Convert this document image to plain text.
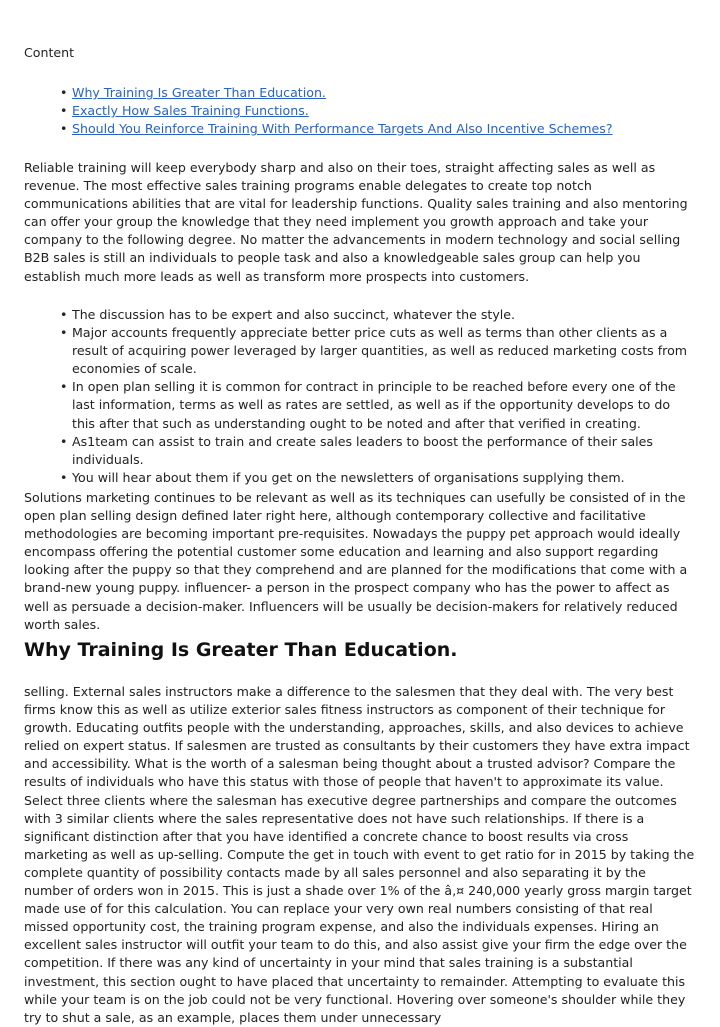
Content

• Why Training Is Greater Than Education.
• Exactly How Sales Training Functions.
• Should You Reinforce Training With Performance Targets And Also Incentive Schemes?

Reliable training will keep everybody sharp and also on their toes, straight affecting sales as well as revenue. The most effective sales training programs enable delegates to create top notch communications abilities that are vital for leadership functions. Quality sales training and also mentoring can offer your group the knowledge that they need implement you growth approach and take your company to the following degree. No matter the advancements in modern technology and social selling B2B sales is still an individuals to people task and also a knowledgeable sales group can help you establish much more leads as well as transform more prospects into customers.

• The discussion has to be expert and also succinct, whatever the style.
• Major accounts frequently appreciate better price cuts as well as terms than other clients as a result of acquiring power leveraged by larger quantities, as well as reduced marketing costs from economies of scale.
• In open plan selling it is common for contract in principle to be reached before every one of the last information, terms as well as rates are settled, as well as if the opportunity develops to do this after that such as understanding ought to be noted and after that verified in creating.
• As1team can assist to train and create sales leaders to boost the performance of their sales individuals.
• You will hear about them if you get on the newsletters of organisations supplying them.

Solutions marketing continues to be relevant as well as its techniques can usefully be consisted of in the open plan selling design defined later right here, although contemporary collective and facilitative methodologies are becoming important pre-requisites. Nowadays the puppy pet approach would ideally encompass offering the potential customer some education and learning and also support regarding looking after the puppy so that they comprehend and are planned for the modifications that come with a brand-new young puppy. influencer- a person in the prospect company who has the power to affect as well as persuade a decision-maker. Influencers will be usually be decision-makers for relatively reduced worth sales.

Why Training Is Greater Than Education.

selling. External sales instructors make a difference to the salesmen that they deal with. The very best firms know this as well as utilize exterior sales fitness instructors as component of their technique for growth. Educating outfits people with the understanding, approaches, skills, and also devices to achieve relied on expert status. If salesmen are trusted as consultants by their customers they have extra impact and accessibility. What is the worth of a salesman being thought about a trusted advisor? Compare the results of individuals who have this status with those of people that haven't to approximate its value. Select three clients where the salesman has executive degree partnerships and compare the outcomes with 3 similar clients where the sales representative does not have such relationships. If there is a significant distinction after that you have identified a concrete chance to boost results via cross marketing as well as up-selling. Compute the get in touch with event to get ratio for in 2015 by taking the complete quantity of possibility contacts made by all sales personnel and also separating it by the number of orders won in 2015. This is just a shade over 1% of the â‚¤ 240,000 yearly gross margin target made use of for this calculation. You can replace your very own real numbers consisting of that real missed opportunity cost, the training program expense, and also the individuals expenses. Hiring an excellent sales instructor will outfit your team to do this, and also assist give your firm the edge over the competition. If there was any kind of uncertainty in your mind that sales training is a substantial investment, this section ought to have placed that uncertainty to remainder. Attempting to evaluate this while your team is on the job could not be very functional. Hovering over someone's shoulder while they try to shut a sale, as an example, places them under unnecessary
